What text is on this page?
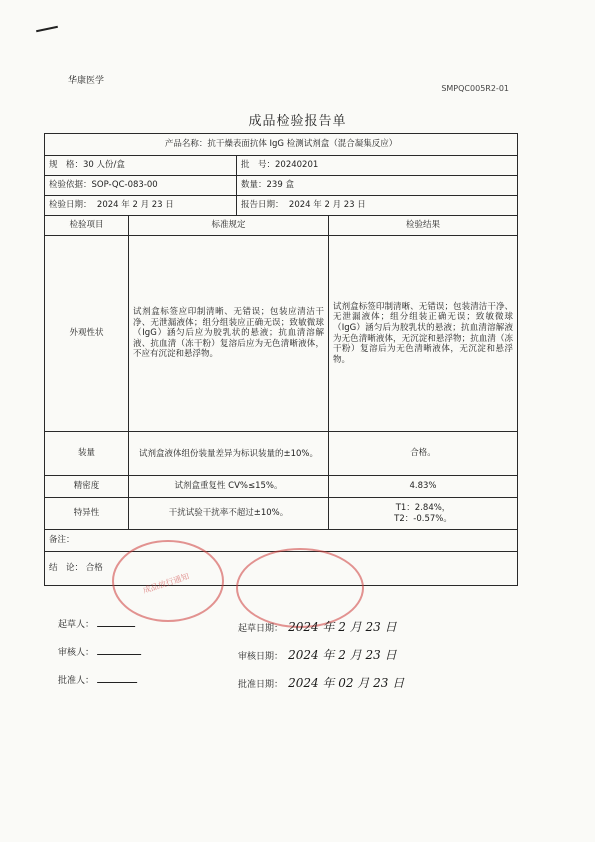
华康医学
SMPQC005R2-01
成品检验报告单
产品名称：抗干燥表面抗体 IgG 检测试剂盒（混合凝集反应）			
规　格：30 人份/盒		批　号：20240201	
检验依据：SOP-QC-083-00		数量：239 盒	
检验日期： 2024 年 2 月 23 日		报告日期： 2024 年 2 月 23 日	
检验项目	标准规定		检验结果
外观性状	试剂盒标签应印制清晰、无错误；包装应清洁干净、无泄漏液体；组分组装应正确无误；致敏微球（IgG）涵匀后应为胶乳状的悬液；抗血清溶解液、抗血清（冻干粉）复溶后应为无色清晰液体，不应有沉淀和悬浮物。		试剂盒标签印制清晰、无错误；包装清洁干净、无泄漏液体；组分组装正确无误；致敏微球（IgG）涵匀后为胶乳状的悬液；抗血清溶解液为无色清晰液体，无沉淀和悬浮物；抗血清（冻干粉）复溶后为无色清晰液体，无沉淀和悬浮物。
装量	试剂盒液体组份装量差异为标识装量的±10%。		合格。
精密度	试剂盒重复性 CV%≤15%。		4.83%
特异性	干扰试验干扰率不超过±10%。		T1：2.84%，
T2：-0.57%。

备注：			
结　论： 合格			
成品放行通知
起草人：
审核人：
批准人：
起草日期： 2024 年 2 月 23 日
审核日期： 2024 年 2 月 23 日
批准日期： 2024 年 02 月 23 日
